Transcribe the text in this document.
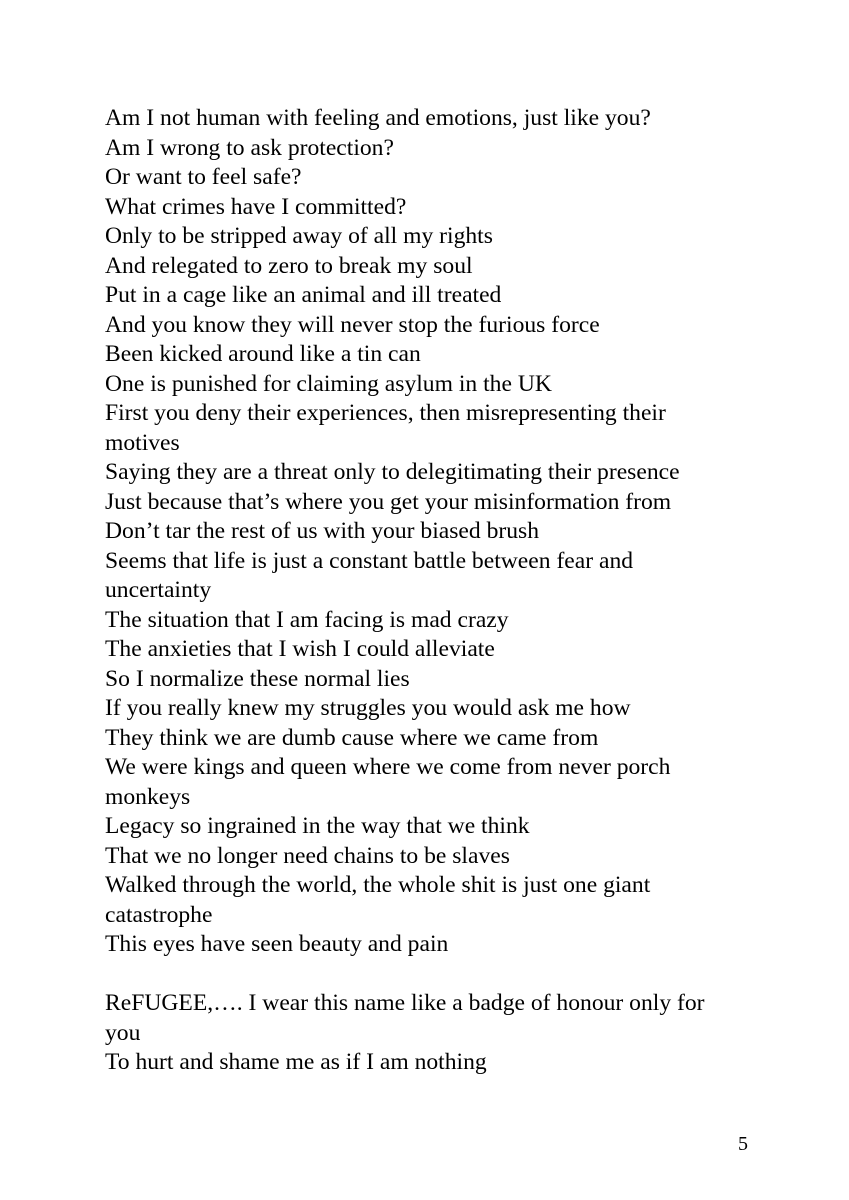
Am I not human with feeling and emotions, just like you?
Am I wrong to ask protection?
Or want to feel safe?
What crimes have I committed?
Only to be stripped away of all my rights
And relegated to zero to break my soul
Put in a cage like an animal and ill treated
And you know they will never stop the furious force
Been kicked around like a tin can
One is punished for claiming asylum in the UK
First you deny their experiences, then misrepresenting their motives
Saying they are a threat only to delegitimating their presence
Just because that’s where you get your misinformation from
Don’t tar the rest of us with your biased brush
Seems that life is just a constant battle between fear and uncertainty
The situation that I am facing is mad crazy
The anxieties that I wish I could alleviate
So I normalize these normal lies
If you really knew my struggles you would ask me how
They think we are dumb cause where we came from
We were kings and queen where we come from never porch monkeys
Legacy so ingrained in the way that we think
That we no longer need chains to be slaves
Walked through the world, the whole shit is just one giant catastrophe
This eyes have seen beauty and pain
ReFUGEE,…. I wear this name like a badge of honour only for you
To hurt and shame me as if I am nothing
5
